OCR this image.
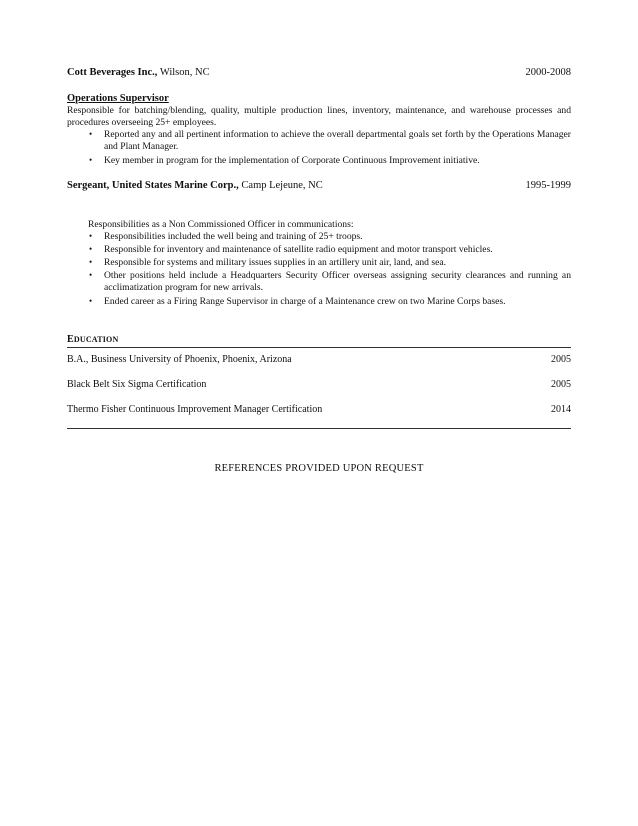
Cott Beverages Inc., Wilson, NC	2000-2008
Operations Supervisor
Responsible for batching/blending, quality, multiple production lines, inventory, maintenance, and warehouse processes and procedures overseeing 25+ employees.
• Reported any and all pertinent information to achieve the overall departmental goals set forth by the Operations Manager and Plant Manager.
• Key member in program for the implementation of Corporate Continuous Improvement initiative.
Sergeant, United States Marine Corp., Camp Lejeune, NC	1995-1999
Responsibilities as a Non Commissioned Officer in communications:
• Responsibilities included the well being and training of 25+ troops.
• Responsible for inventory and maintenance of satellite radio equipment and motor transport vehicles.
• Responsible for systems and military issues supplies in an artillery unit air, land, and sea.
• Other positions held include a Headquarters Security Officer overseas assigning security clearances and running an acclimatization program for new arrivals.
• Ended career as a Firing Range Supervisor in charge of a Maintenance crew on two Marine Corps bases.
EDUCATION
B.A., Business University of Phoenix, Phoenix, Arizona	2005
Black Belt Six Sigma Certification	2005
Thermo Fisher Continuous Improvement Manager Certification	2014
REFERENCES PROVIDED UPON REQUEST
